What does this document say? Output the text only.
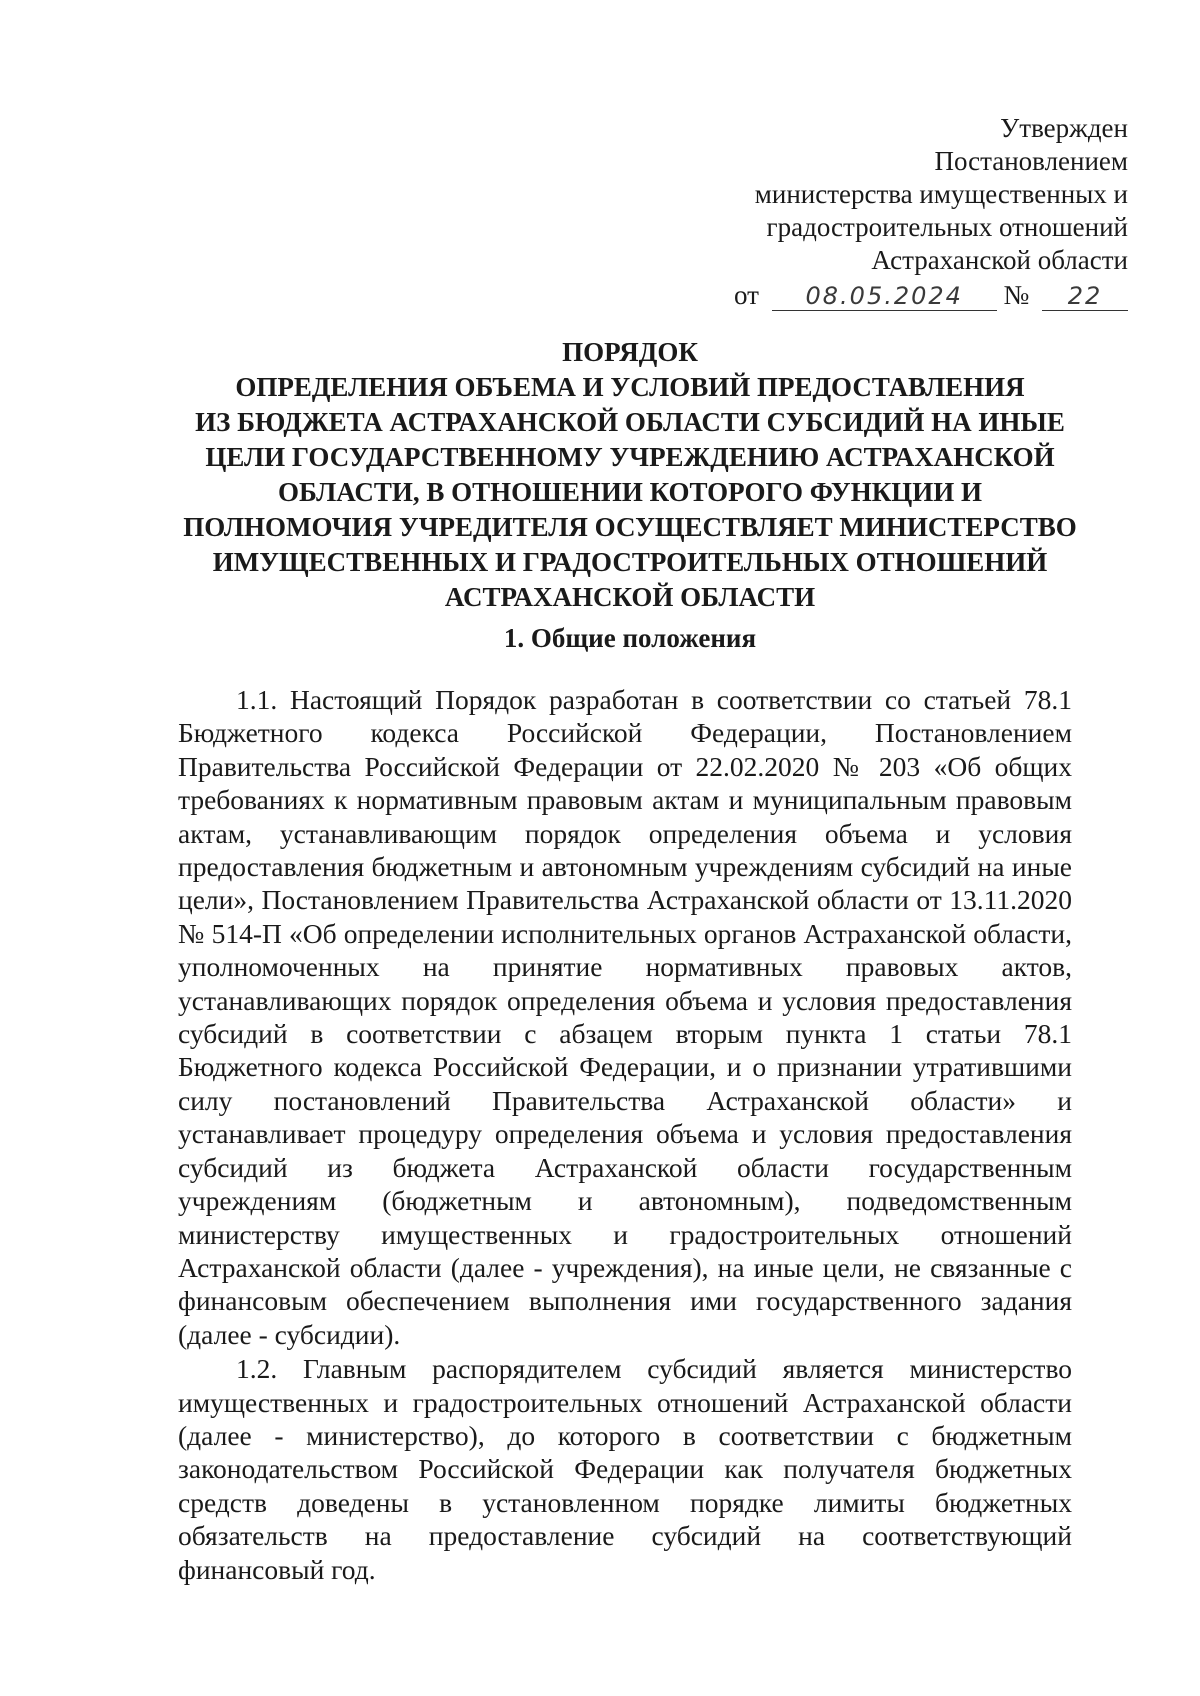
Утвержден
Постановлением
министерства имущественных и
градостроительных отношений
Астраханской области
от 08.05.2024 № 22
ПОРЯДОК
ОПРЕДЕЛЕНИЯ ОБЪЕМА И УСЛОВИЙ ПРЕДОСТАВЛЕНИЯ
ИЗ БЮДЖЕТА АСТРАХАНСКОЙ ОБЛАСТИ СУБСИДИЙ НА ИНЫЕ
ЦЕЛИ ГОСУДАРСТВЕННОМУ УЧРЕЖДЕНИЮ АСТРАХАНСКОЙ
ОБЛАСТИ, В ОТНОШЕНИИ КОТОРОГО ФУНКЦИИ И
ПОЛНОМОЧИЯ УЧРЕДИТЕЛЯ ОСУЩЕСТВЛЯЕТ МИНИСТЕРСТВО
ИМУЩЕСТВЕННЫХ И ГРАДОСТРОИТЕЛЬНЫХ ОТНОШЕНИЙ
АСТРАХАНСКОЙ ОБЛАСТИ
1. Общие положения

1.1. Настоящий Порядок разработан в соответствии со статьей 78.1 Бюджетного кодекса Российской Федерации, Постановлением Правительства Российской Федерации от 22.02.2020 № 203 «Об общих требованиях к нормативным правовым актам и муниципальным правовым актам, устанавливающим порядок определения объема и условия предоставления бюджетным и автономным учреждениям субсидий на иные цели», Постановлением Правительства Астраханской области от 13.11.2020 № 514-П «Об определении исполнительных органов Астраханской области, уполномоченных на принятие нормативных правовых актов, устанавливающих порядок определения объема и условия предоставления субсидий в соответствии с абзацем вторым пункта 1 статьи 78.1 Бюджетного кодекса Российской Федерации, и о признании утратившими силу постановлений Правительства Астраханской области» и устанавливает процедуру определения объема и условия предоставления субсидий из бюджета Астраханской области государственным учреждениям (бюджетным и автономным), подведомственным министерству имущественных и градостроительных отношений Астраханской области (далее - учреждения), на иные цели, не связанные с финансовым обеспечением выполнения ими государственного задания (далее - субсидии).

1.2. Главным распорядителем субсидий является министерство имущественных и градостроительных отношений Астраханской области (далее - министерство), до которого в соответствии с бюджетным законодательством Российской Федерации как получателя бюджетных средств доведены в установленном порядке лимиты бюджетных обязательств на предоставление субсидий на соответствующий финансовый год.
